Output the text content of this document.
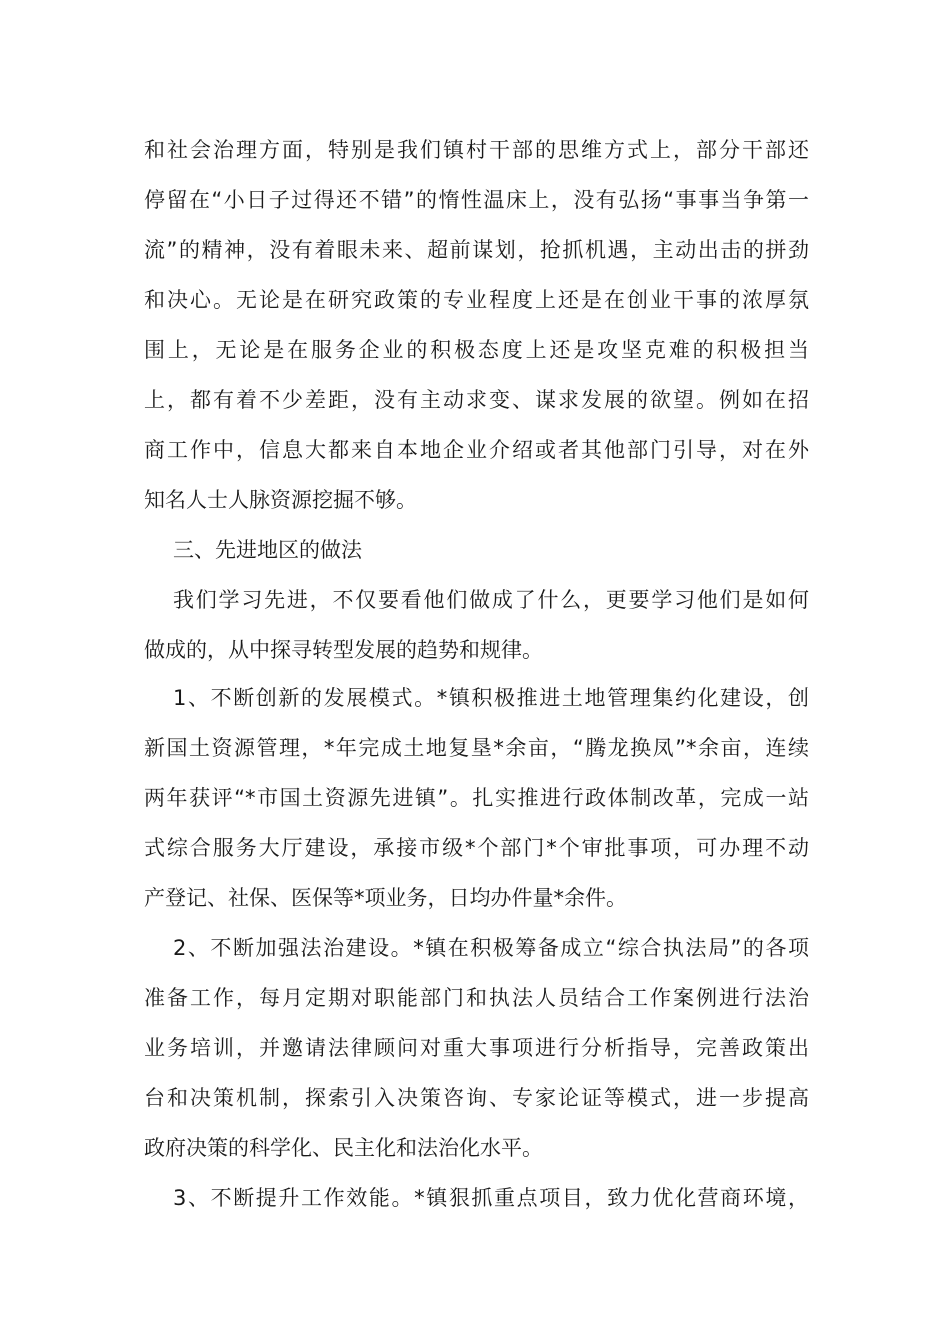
和社会治理方面，特别是我们镇村干部的思维方式上，部分干部还
停留在“小日子过得还不错”的惰性温床上，没有弘扬“事事当争第一
流”的精神，没有着眼未来、超前谋划，抢抓机遇，主动出击的拼劲
和决心。无论是在研究政策的专业程度上还是在创业干事的浓厚氛
围上，无论是在服务企业的积极态度上还是攻坚克难的积极担当
上，都有着不少差距，没有主动求变、谋求发展的欲望。例如在招
商工作中，信息大都来自本地企业介绍或者其他部门引导，对在外
知名人士人脉资源挖掘不够。
三、先进地区的做法
我们学习先进，不仅要看他们做成了什么，更要学习他们是如何
做成的，从中探寻转型发展的趋势和规律。
1、不断创新的发展模式。*镇积极推进土地管理集约化建设，创
新国土资源管理，*年完成土地复垦*余亩，“腾龙换凤”*余亩，连续
两年获评“*市国土资源先进镇”。扎实推进行政体制改革，完成一站
式综合服务大厅建设，承接市级*个部门*个审批事项，可办理不动
产登记、社保、医保等*项业务，日均办件量*余件。
2、不断加强法治建设。*镇在积极筹备成立“综合执法局”的各项
准备工作，每月定期对职能部门和执法人员结合工作案例进行法治
业务培训，并邀请法律顾问对重大事项进行分析指导，完善政策出
台和决策机制，探索引入决策咨询、专家论证等模式，进一步提高
政府决策的科学化、民主化和法治化水平。
3、不断提升工作效能。*镇狠抓重点项目，致力优化营商环境，
